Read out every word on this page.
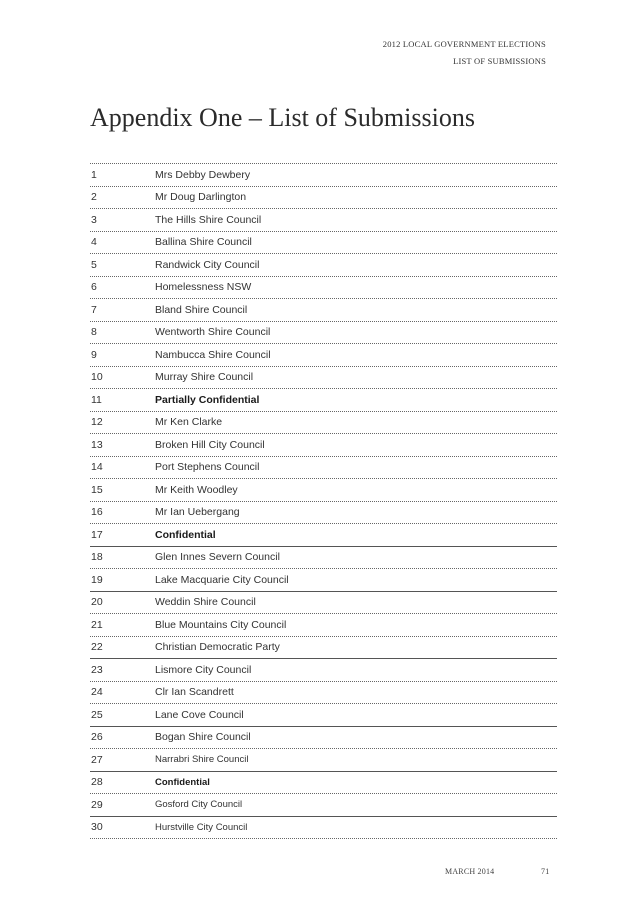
2012 LOCAL GOVERNMENT ELECTIONS
LIST OF SUBMISSIONS
Appendix One – List of Submissions
1	Mrs Debby Dewbery
2	Mr Doug Darlington
3	The Hills Shire Council
4	Ballina Shire Council
5	Randwick City Council
6	Homelessness NSW
7	Bland Shire Council
8	Wentworth Shire Council
9	Nambucca Shire Council
10	Murray Shire Council
11	Partially Confidential
12	Mr Ken Clarke
13	Broken Hill City Council
14	Port Stephens Council
15	Mr Keith Woodley
16	Mr Ian Uebergang
17	Confidential
18	Glen Innes Severn Council
19	Lake Macquarie City Council
20	Weddin Shire Council
21	Blue Mountains City Council
22	Christian Democratic Party
23	Lismore City Council
24	Clr Ian Scandrett
25	Lane Cove Council
26	Bogan Shire Council
27	Narrabri Shire Council
28	Confidential
29	Gosford City Council
30	Hurstville City Council
MARCH 2014	71
